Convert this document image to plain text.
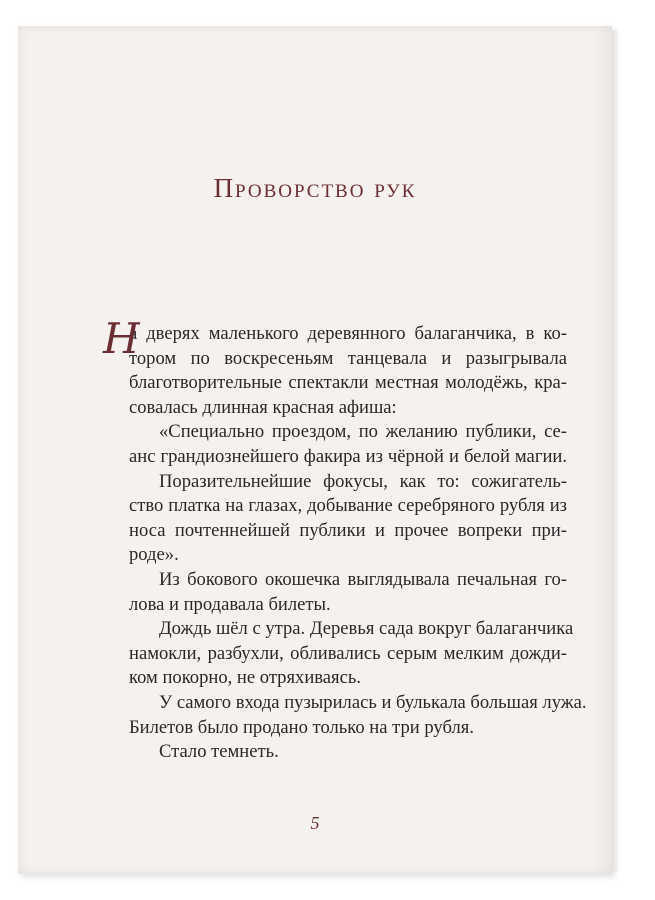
Проворство рук
Н
а дверях маленького деревянного балаганчика, в ко-
тором по воскресеньям танцевала и разыгрывала
благотворительные спектакли местная молодёжь, кра-
совалась длинная красная афиша:
«Специально проездом, по желанию публики, се-
анс грандиознейшего факира из чёрной и белой магии.
Поразительнейшие фокусы, как то: сожигатель-
ство платка на глазах, добывание серебряного рубля из
носа почтеннейшей публики и прочее вопреки при-
роде».
Из бокового окошечка выглядывала печальная го-
лова и продавала билеты.
Дождь шёл с утра. Деревья сада вокруг балаганчика
намокли, разбухли, обливались серым мелким дожди-
ком покорно, не отряхиваясь.
У самого входа пузырилась и булькала большая лужа.
Билетов было продано только на три рубля.
Стало темнеть.
5
